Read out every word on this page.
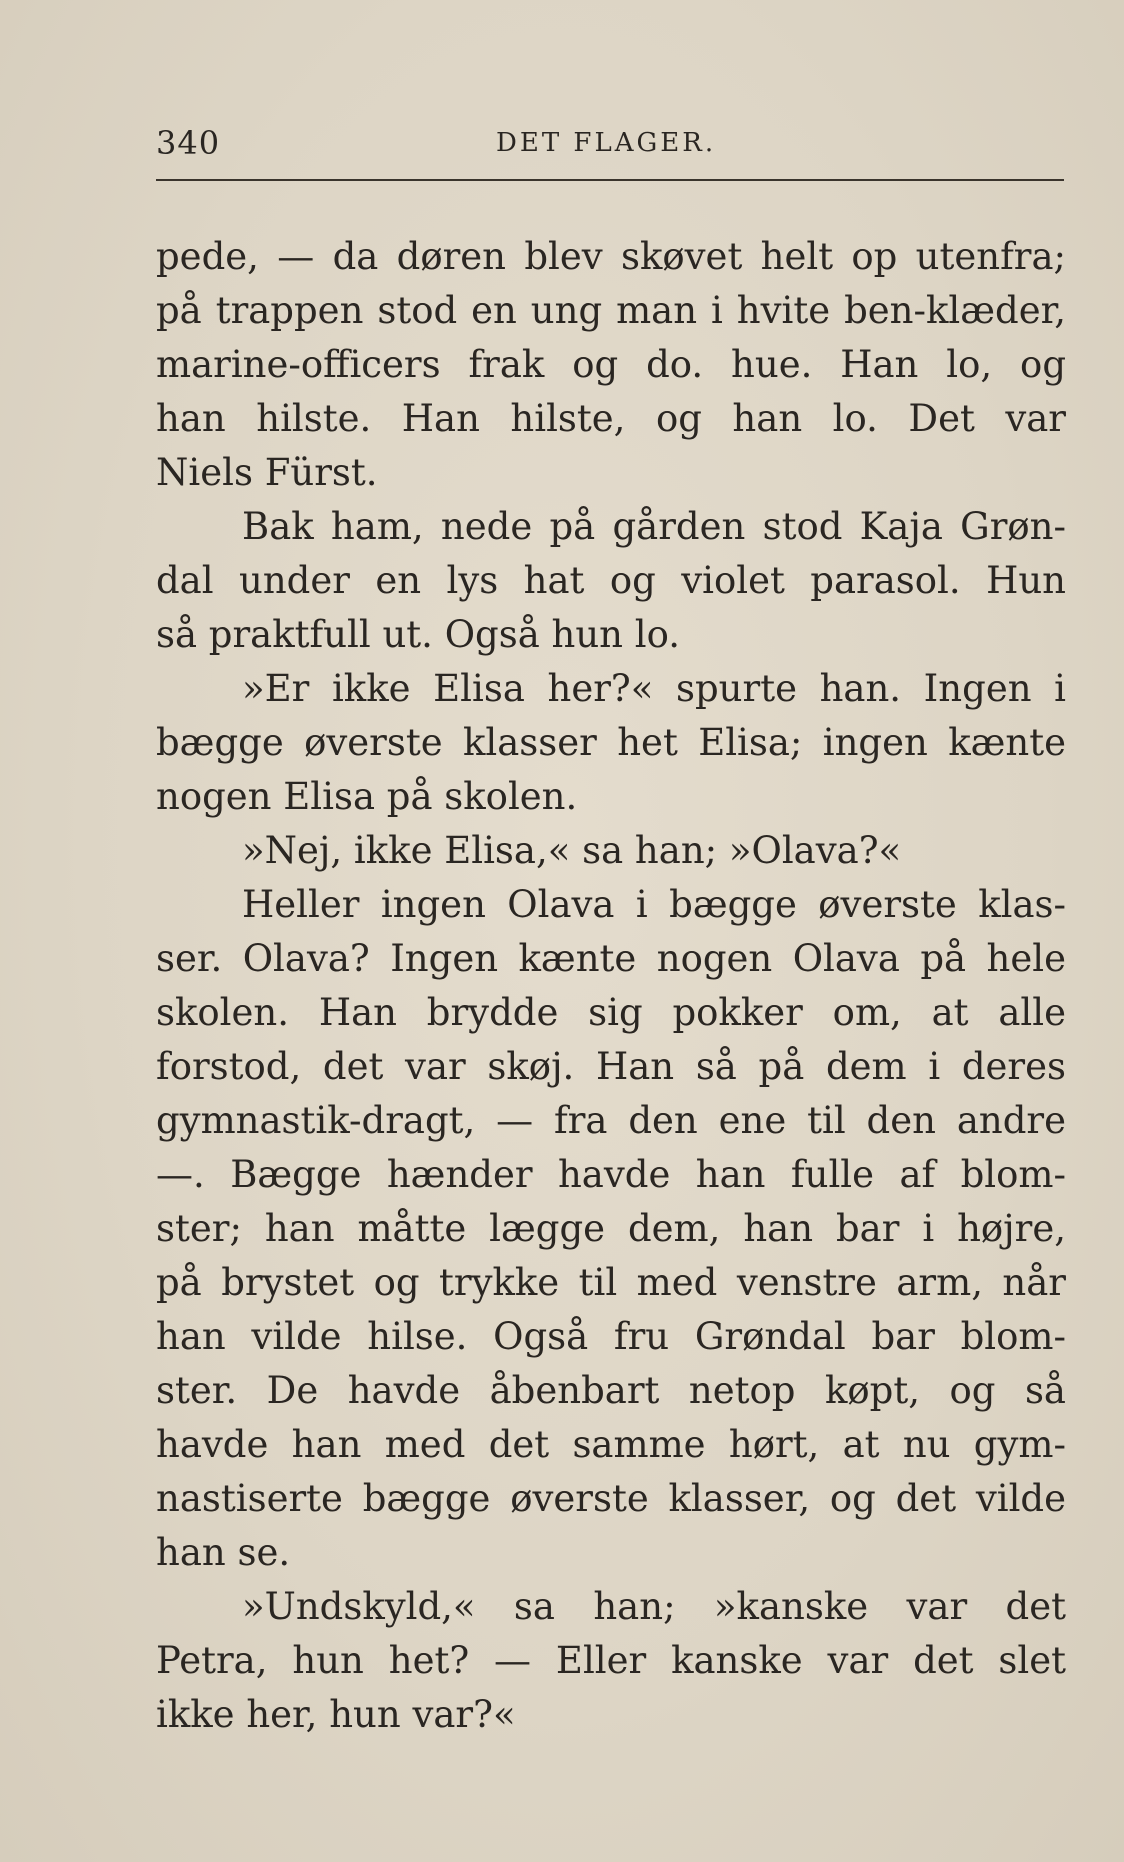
340	DET FLAGER.
pede, — da døren blev skøvet helt op utenfra;
på trappen stod en ung man i hvite ben-klæder,
marine-officers frak og do. hue. Han lo, og
han hilste. Han hilste, og han lo. Det var
Niels Fürst.
Bak ham, nede på gården stod Kaja Grøn-
dal under en lys hat og violet parasol. Hun
så praktfull ut. Også hun lo.
»Er ikke Elisa her?« spurte han. Ingen i
bægge øverste klasser het Elisa; ingen kænte
nogen Elisa på skolen.
»Nej, ikke Elisa,« sa han; »Olava?«
Heller ingen Olava i bægge øverste klas-
ser. Olava? Ingen kænte nogen Olava på hele
skolen. Han brydde sig pokker om, at alle
forstod, det var skøj. Han så på dem i deres
gymnastik-dragt, — fra den ene til den andre
—. Bægge hænder havde han fulle af blom-
ster; han måtte lægge dem, han bar i højre,
på brystet og trykke til med venstre arm, når
han vilde hilse. Også fru Grøndal bar blom-
ster. De havde åbenbart netop køpt, og så
havde han med det samme hørt, at nu gym-
nastiserte bægge øverste klasser, og det vilde
han se.
»Undskyld,« sa han; »kanske var det
Petra, hun het? — Eller kanske var det slet
ikke her, hun var?«
